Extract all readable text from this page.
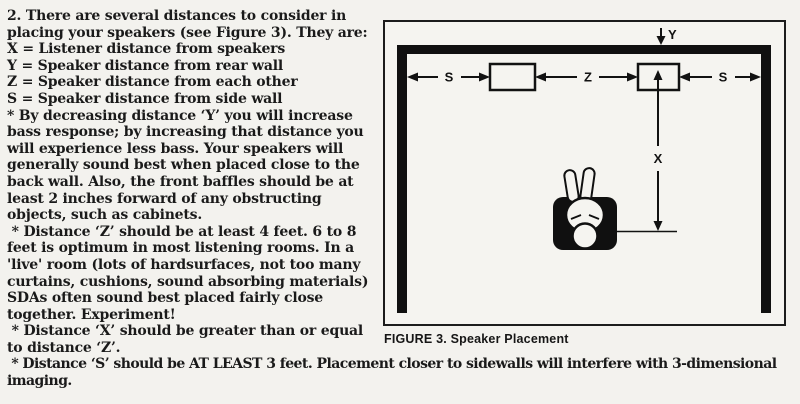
2. There are several distances to consider in
placing your speakers (see Figure 3). They are:
X = Listener distance from speakers
Y = Speaker distance from rear wall
Z = Speaker distance from each other
S = Speaker distance from side wall
* By decreasing distance ‘Y’ you will increase
bass response; by increasing that distance you
will experience less bass. Your speakers will
generally sound best when placed close to the
back wall. Also, the front baffles should be at
least 2 inches forward of any obstructing
objects, such as cabinets.
* Distance ‘Z’ should be at least 4 feet. 6 to 8
feet is optimum in most listening rooms. In a
'live' room (lots of hardsurfaces, not too many
curtains, cushions, sound absorbing materials)
SDAs often sound best placed fairly close
together. Experiment!
* Distance ‘X’ should be greater than or equal
to distance ‘Z’.
* Distance ‘S’ should be AT LEAST 3 feet. Placement closer to sidewalls will interfere with 3-dimensional
imaging.
Y
S	Z	S
X
FIGURE 3. Speaker Placement
